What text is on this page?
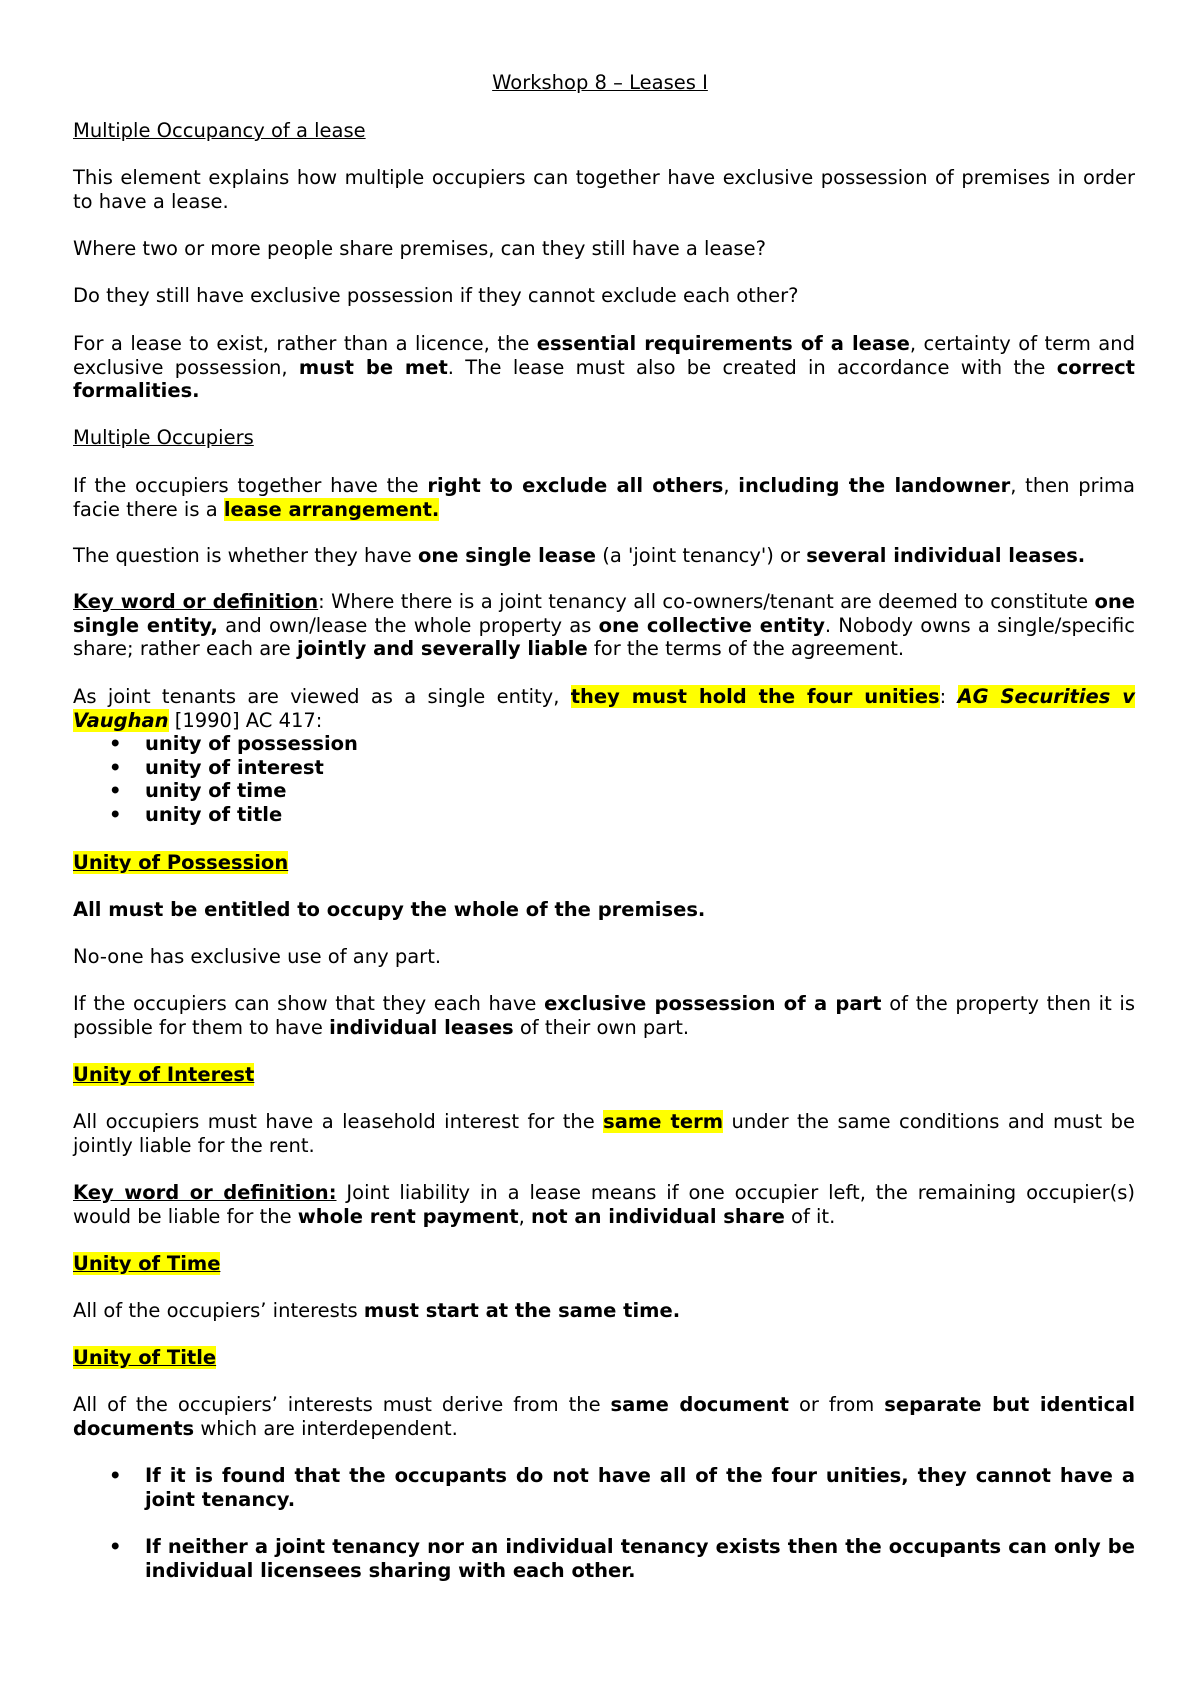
Workshop 8 – Leases I

Multiple Occupancy of a lease

This element explains how multiple occupiers can together have exclusive possession of premises in order to have a lease.

Where two or more people share premises, can they still have a lease?

Do they still have exclusive possession if they cannot exclude each other?

For a lease to exist, rather than a licence, the essential requirements of a lease, certainty of term and exclusive possession, must be met. The lease must also be created in accordance with the correct formalities.

Multiple Occupiers

If the occupiers together have the right to exclude all others, including the landowner, then prima facie there is a lease arrangement.

The question is whether they have one single lease (a 'joint tenancy') or several individual leases.

Key word or definition: Where there is a joint tenancy all co-owners/tenant are deemed to constitute one single entity, and own/lease the whole property as one collective entity. Nobody owns a single/specific share; rather each are jointly and severally liable for the terms of the agreement.

As joint tenants are viewed as a single entity, they must hold the four unities: AG Securities v Vaughan [1990] AC 417:

• unity of possession
• unity of interest
• unity of time
• unity of title

Unity of Possession

All must be entitled to occupy the whole of the premises.

No-one has exclusive use of any part.

If the occupiers can show that they each have exclusive possession of a part of the property then it is possible for them to have individual leases of their own part.

Unity of Interest

All occupiers must have a leasehold interest for the same term under the same conditions and must be jointly liable for the rent.

Key word or definition: Joint liability in a lease means if one occupier left, the remaining occupier(s) would be liable for the whole rent payment, not an individual share of it.

Unity of Time

All of the occupiers’ interests must start at the same time.

Unity of Title

All of the occupiers’ interests must derive from the same document or from separate but identical documents which are interdependent.

• If it is found that the occupants do not have all of the four unities, they cannot have a joint tenancy.
• If neither a joint tenancy nor an individual tenancy exists then the occupants can only be individual licensees sharing with each other.
